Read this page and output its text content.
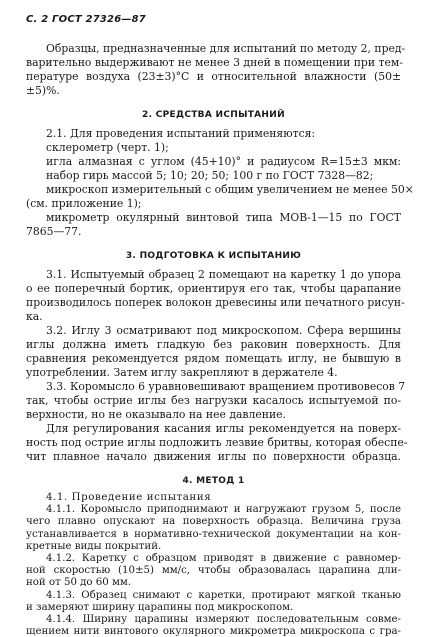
С. 2 ГОСТ 27326—87
Образцы, предназначенные для испытаний по методу 2, пред-
варительно выдерживают не менее 3 дней в помещении при тем-
пературе воздуха (23±3)°С и относительной влажности (50±
±5)%.
2. СРЕДСТВА ИСПЫТАНИЙ
2.1. Для проведения испытаний применяются:
склерометр (черт. 1);
игла алмазная с углом (45+10)° и радиусом R=15±3 мкм:
набор гирь массой 5; 10; 20; 50; 100 г по ГОСТ 7328—82;
микроскоп измерительный с общим увеличением не менее 50×
(см. приложение 1);
микрометр окулярный винтовой типа МОВ-1—15 по ГОСТ
7865—77.
3. ПОДГОТОВКА К ИСПЫТАНИЮ
3.1. Испытуемый образец 2 помещают на каретку 1 до упора
о ее поперечный бортик, ориентируя его так, чтобы царапание
производилось поперек волокон древесины или печатного рисун-
ка.
3.2. Иглу 3 осматривают под микроскопом. Сфера вершины
иглы должна иметь гладкую без раковин поверхность. Для
сравнения рекомендуется рядом помещать иглу, не бывшую в
употреблении. Затем иглу закрепляют в держателе 4.
3.3. Коромысло 6 уравновешивают вращением противовесов 7
так, чтобы острие иглы без нагрузки касалось испытуемой по-
верхности, но не оказывало на нее давление.
Для регулирования касания иглы рекомендуется на поверх-
ность под острие иглы подложить лезвие бритвы, которая обеспе-
чит плавное начало движения иглы по поверхности образца.
4. МЕТОД 1
4.1. Проведение испытания
4.1.1. Коромысло приподнимают и нагружают грузом 5, после
чего плавно опускают на поверхность образца. Величина груза
устанавливается в нормативно-технической документации на кон-
кретные виды покрытий.
4.1.2. Каретку с образцом приводят в движение с равномер-
ной скоростью (10±5) мм/с, чтобы образовалась царапина дли-
ной от 50 до 60 мм.
4.1.3. Образец снимают с каретки, протирают мягкой тканью
и замеряют ширину царапины под микроскопом.
4.1.4. Ширину царапины измеряют последовательным совме-
щением нити винтового окулярного микрометра микроскопа с гра-
